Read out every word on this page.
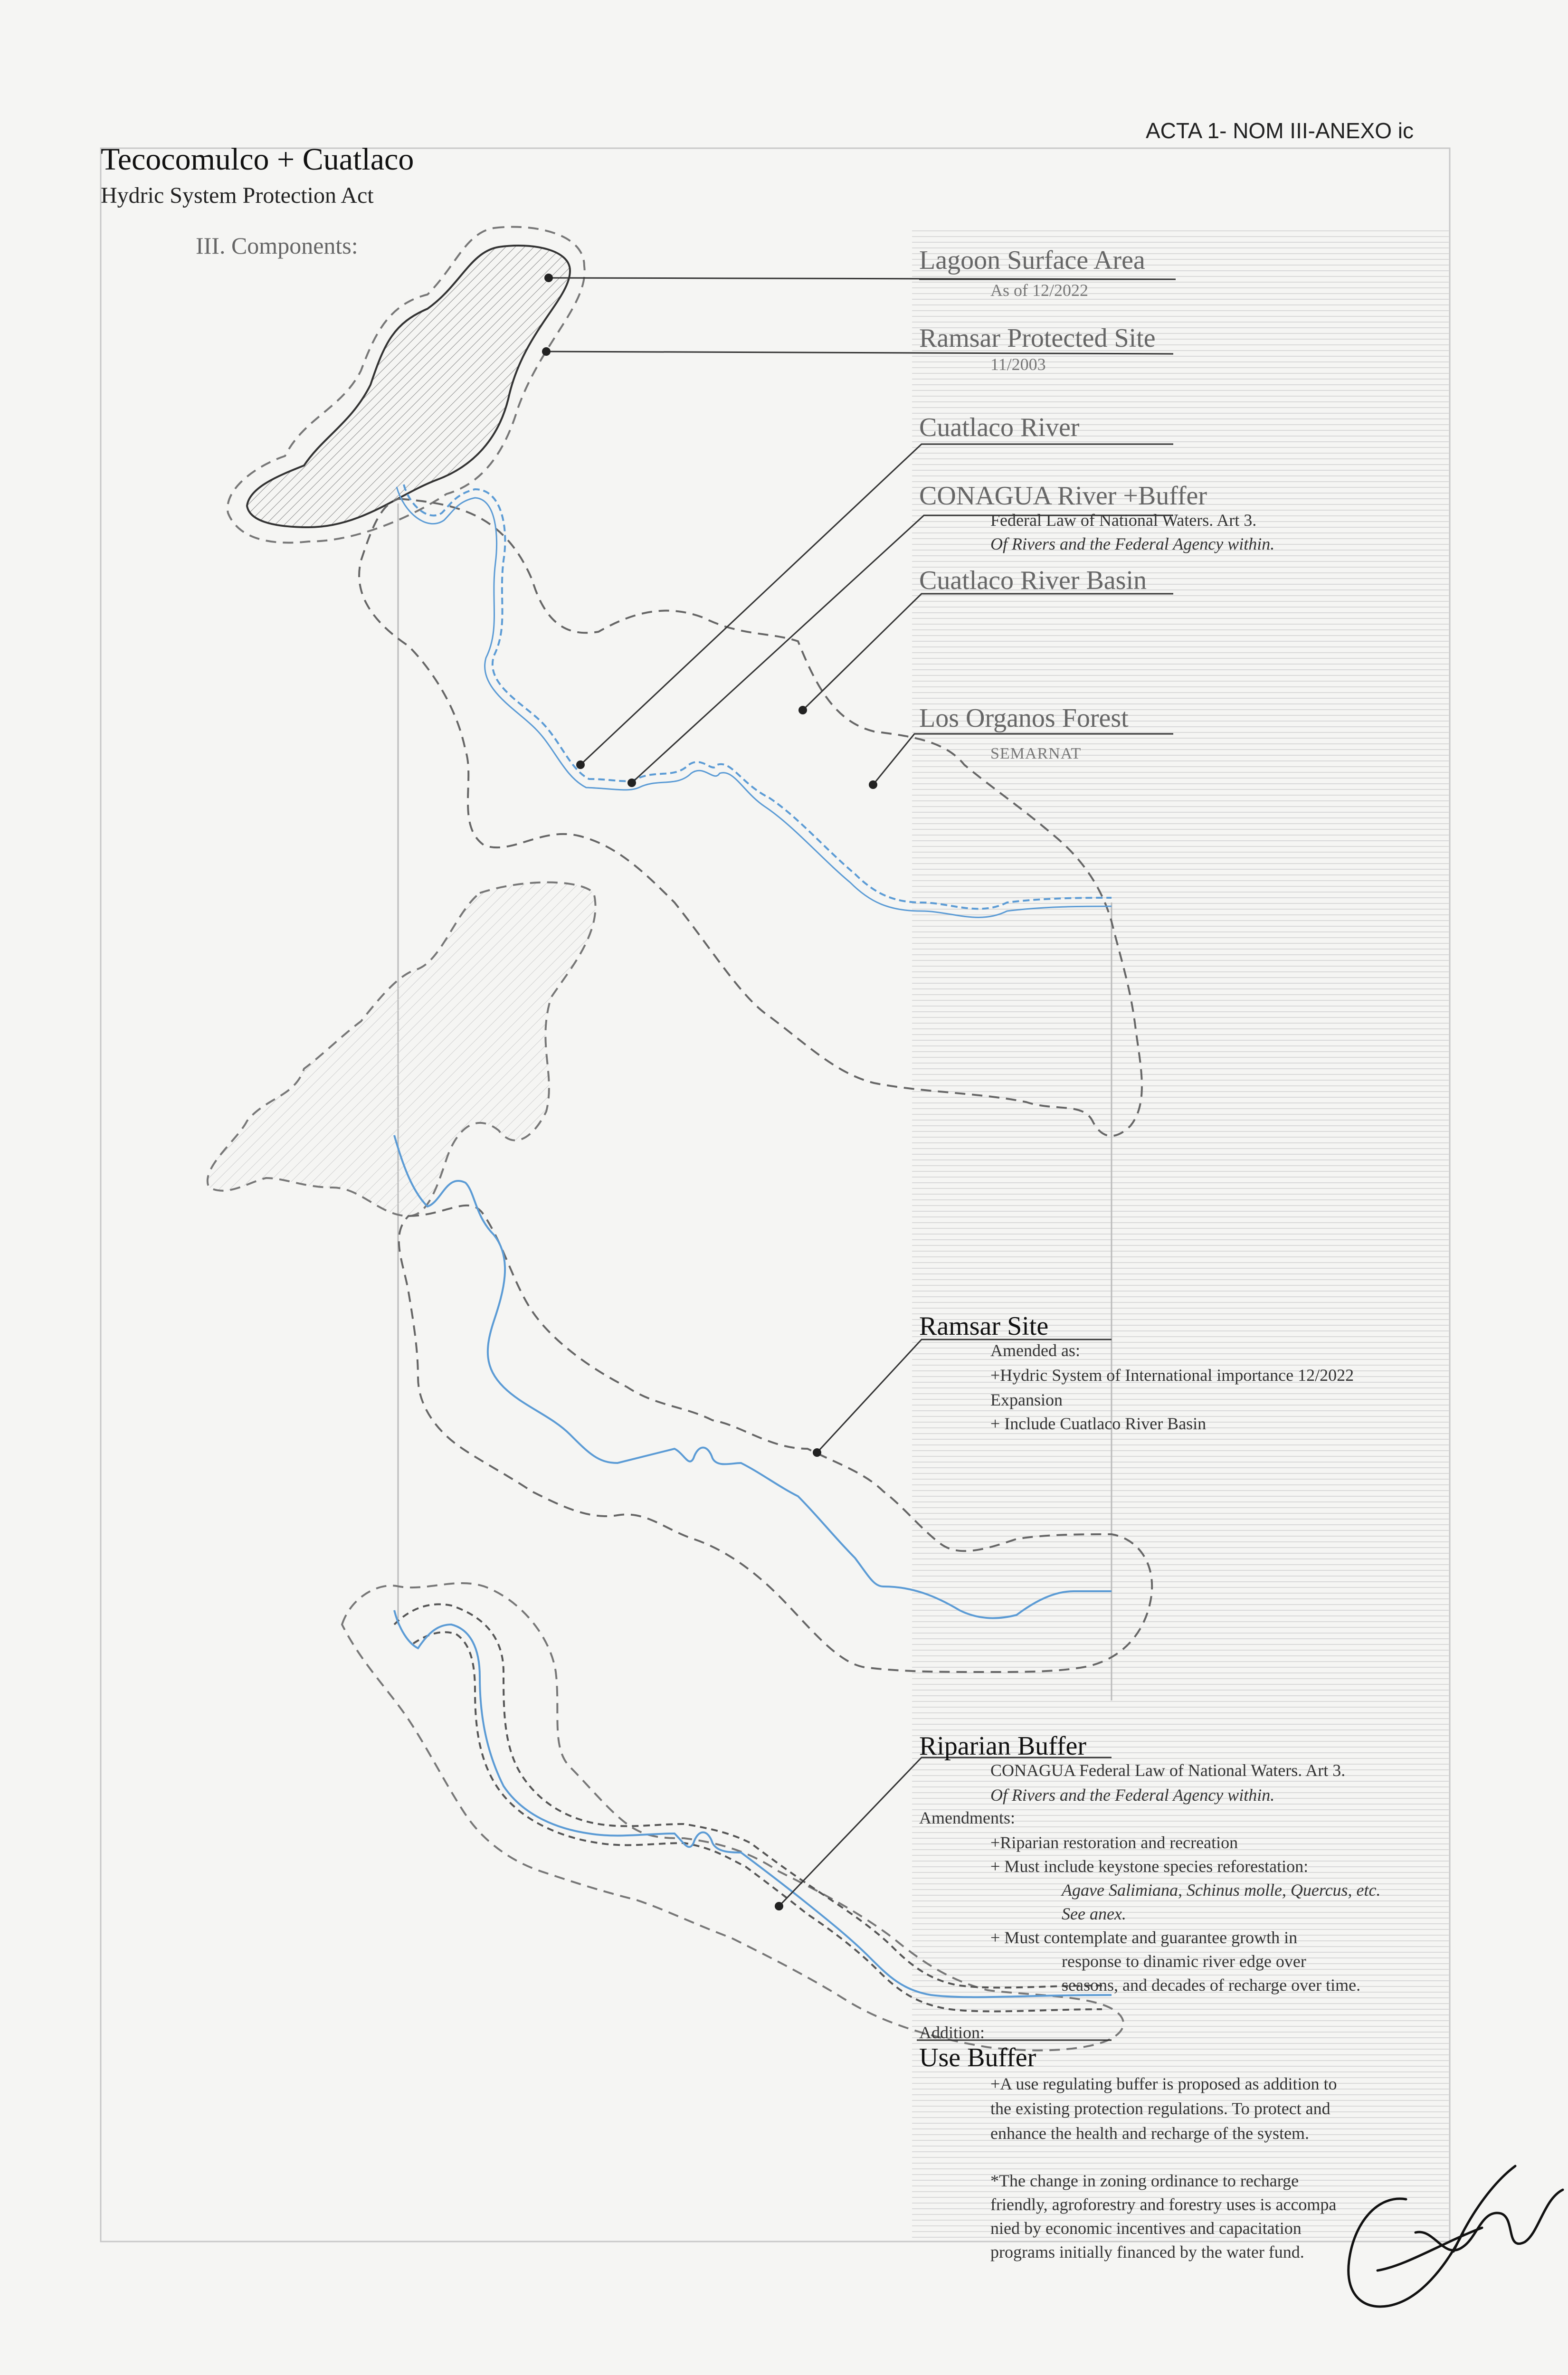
ACTA 1- NOM III-ANEXO ic
Tecocomulco + Cuatlaco
Hydric System Protection Act
III. Components:	Lagoon Surface Area
As of 12/2022
Ramsar Protected Site
11/2003
Cuatlaco River
CONAGUA River +Buffer
Federal Law of National Waters. Art 3.
Of Rivers and the Federal Agency within.
Cuatlaco River Basin
Los Organos Forest
SEMARNAT
Ramsar Site
Amended as:
+Hydric System of International importance 12/2022
Expansion
+ Include Cuatlaco River Basin
Riparian Buffer
CONAGUA Federal Law of National Waters. Art 3.
Of Rivers and the Federal Agency within.
Amendments:
+Riparian restoration and recreation
+ Must include keystone species reforestation:
Agave Salimiana, Schinus molle, Quercus, etc.
See anex.
+ Must contemplate and guarantee growth in
response to dinamic river edge over
seasons, and decades of recharge over time.
Addition:
Use Buffer
+A use regulating buffer is proposed as addition to
the existing protection regulations. To protect and
enhance the health and recharge of the system.
*The change in zoning ordinance to recharge
friendly, agroforestry and forestry uses is accompa
nied by economic incentives and capacitation
programs initially financed by the water fund.
